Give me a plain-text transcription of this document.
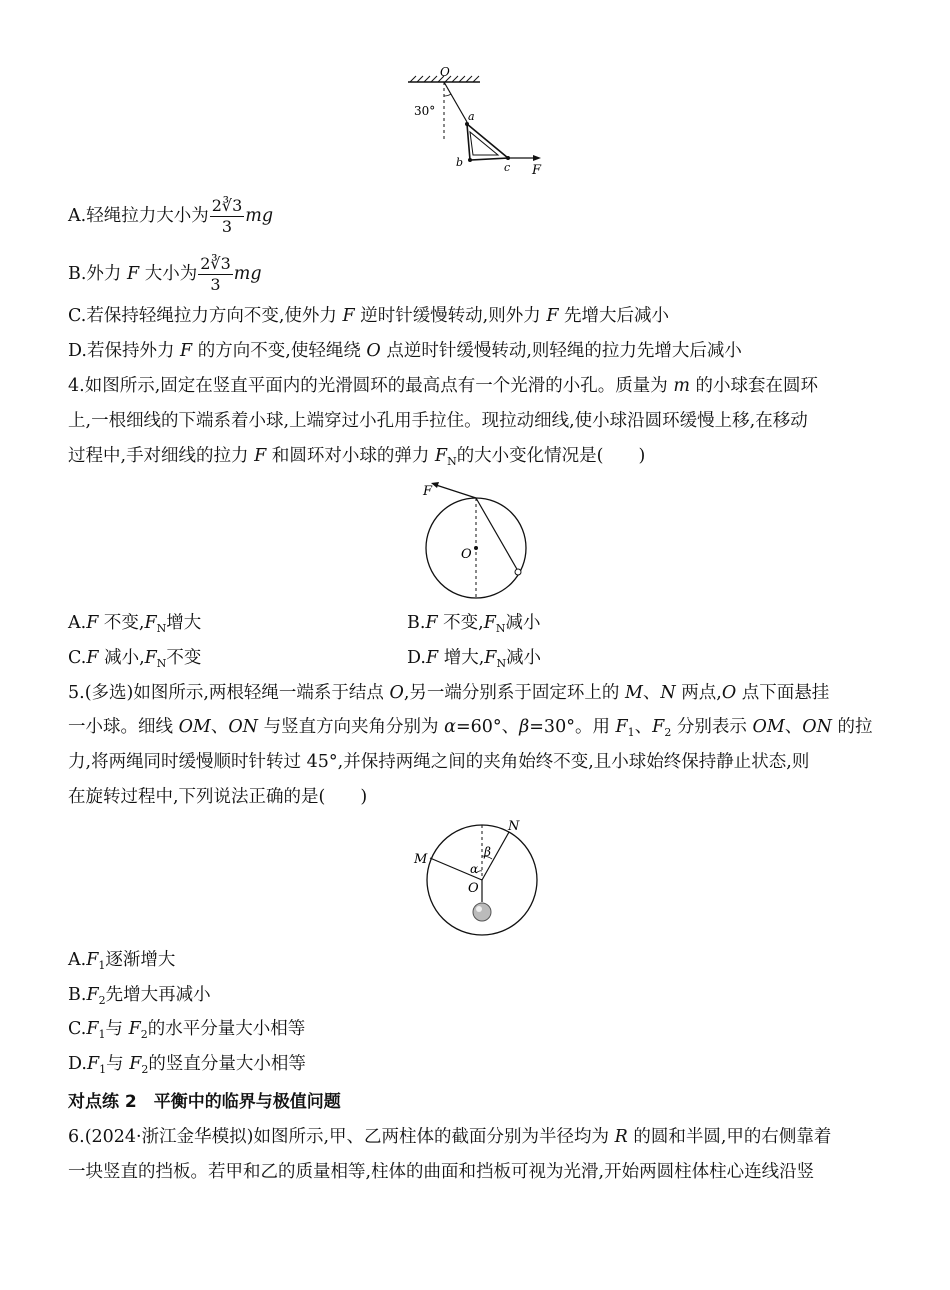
O
30°	a
b	c F
A.轻绳拉力大小为 $\frac{2∛3}{3}$ mg
B.外力 F 大小为 $\frac{2∛3}{3}$ mg
C.若保持轻绳拉力方向不变,使外力 F 逆时针缓慢转动,则外力 F 先增大后减小
D.若保持外力 F 的方向不变,使轻绳绕 O 点逆时针缓慢转动,则轻绳的拉力先增大后减小
4.如图所示,固定在竖直平面内的光滑圆环的最高点有一个光滑的小孔。质量为 m 的小球套在圆环
上,一根细线的下端系着小球,上端穿过小孔用手拉住。现拉动细线,使小球沿圆环缓慢上移,在移动
过程中,手对细线的拉力 F 和圆环对小球的弹力 $F_N$的大小变化情况是(　　)
F
O
A.F 不变$,F_N$增大	B.F 不变$,F_N$减小
C.F 减小$,F_N$不变	D.F 增大$,F_N$减小
5.(多选)如图所示,两根轻绳一端系于结点 O,另一端分别系于固定环上的 M、N 两点,O 点下面悬挂
一小球。细线 OM、ON 与竖直方向夹角分别为 α=60°、β=30°。用 $F_1$、$F_2$ 分别表示 OM、ON 的拉
力,将两绳同时缓慢顺时针转过 45°,并保持两绳之间的夹角始终不变,且小球始终保持静止状态,则
在旋转过程中,下列说法正确的是(　　)
M
N
O
α
β
$A.F_1$逐渐增大
$B.F_2$先增大再减小
$C.F_1$与 $F_2$的水平分量大小相等
$D.F_1$与 $F_2$的竖直分量大小相等
对点练 2　平衡中的临界与极值问题
6.(2024·浙江金华模拟)如图所示,甲、乙两柱体的截面分别为半径均为 R 的圆和半圆,甲的右侧靠着
一块竖直的挡板。若甲和乙的质量相等,柱体的曲面和挡板可视为光滑,开始两圆柱体柱心连线沿竖
